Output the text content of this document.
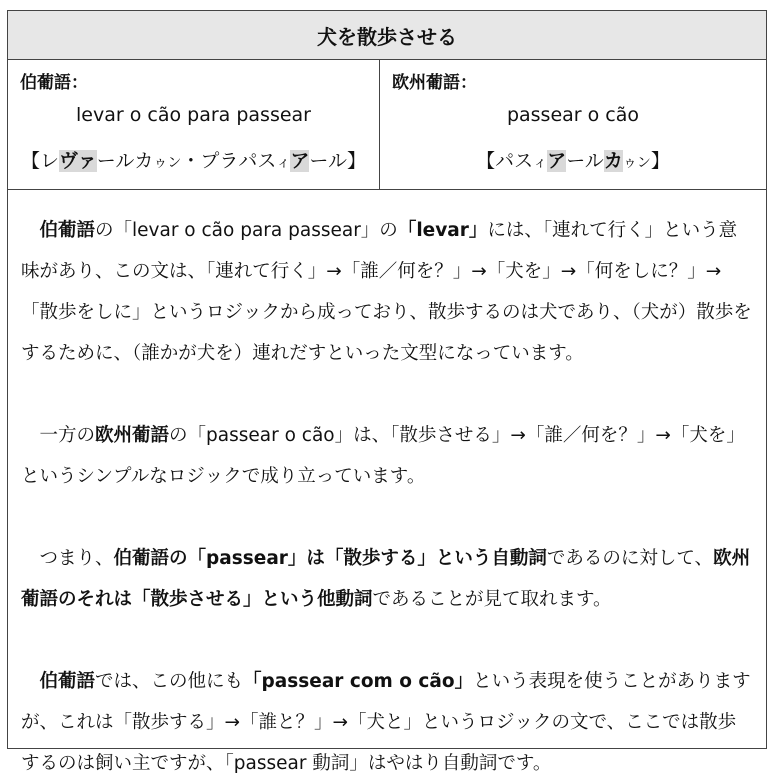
犬を散歩させる
伯葡語：
levar o cão para passear
【レヴァールカゥン・プラパスィアール】
欧州葡語：
passear o cão
【パスィアールカゥン】

伯葡語の「levar o cão para passear」の「levar」には、「連れて行く」という意味があり、この文は、「連れて行く」→「誰／何を？」→「犬を」→「何をしに？」→「散歩をしに」というロジックから成っており、散歩するのは犬であり、（犬が）散歩をするために、（誰かが犬を）連れだすといった文型になっています。

一方の欧州葡語の「passear o cão」は、「散歩させる」→「誰／何を？」→「犬を」というシンプルなロジックで成り立っています。

つまり、伯葡語の「passear」は「散歩する」という自動詞であるのに対して、欧州葡語のそれは「散歩させる」という他動詞であることが見て取れます。

伯葡語では、この他にも「passear com o cão」という表現を使うことがありますが、これは「散歩する」→「誰と？」→「犬と」というロジックの文で、ここでは散歩するのは飼い主ですが、「passear 動詞」はやはり自動詞です。
